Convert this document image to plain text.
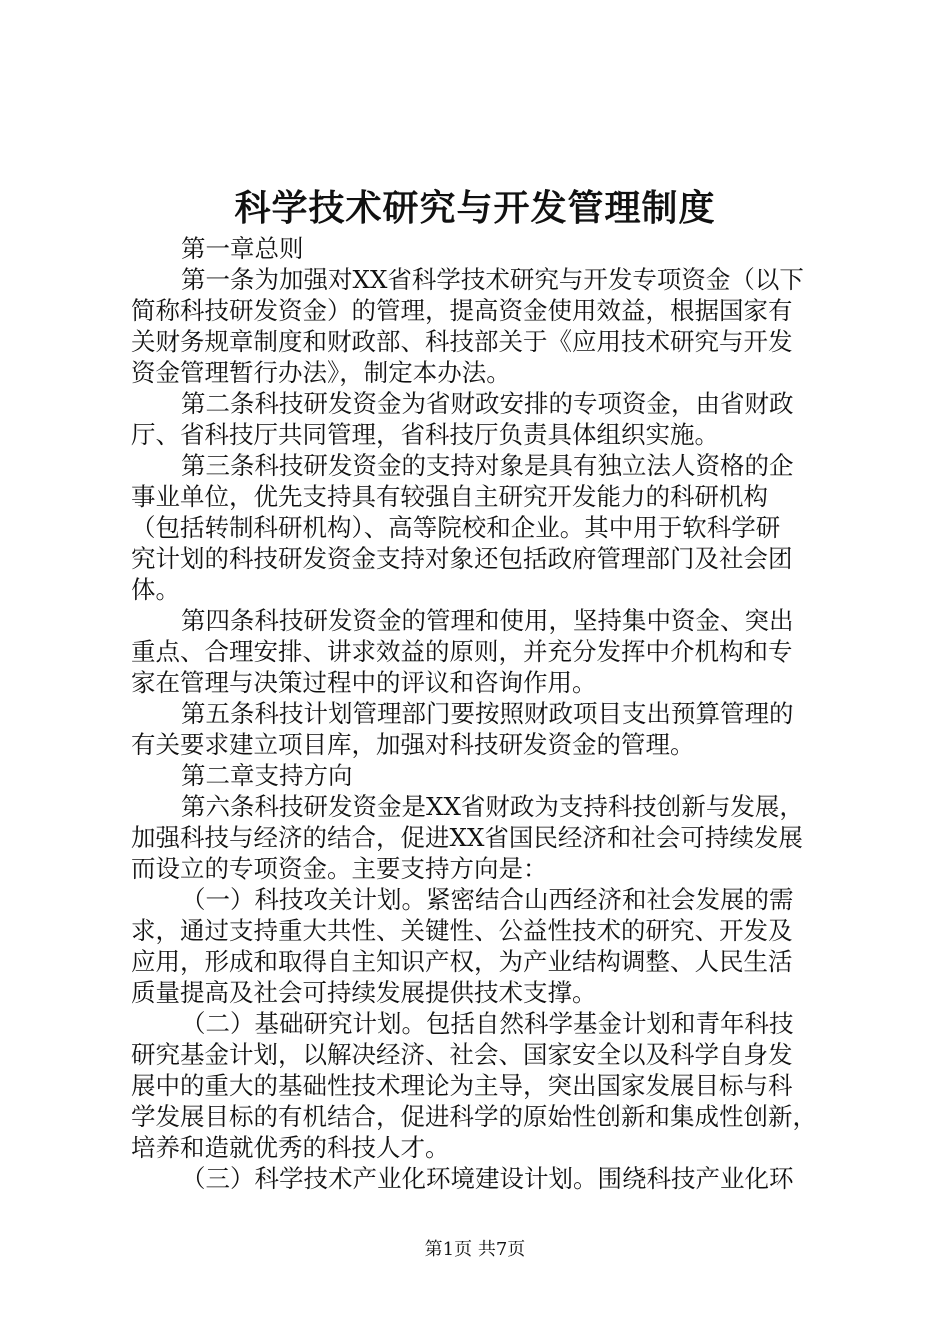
科学技术研究与开发管理制度
第一章总则
第一条为加强对XX省科学技术研究与开发专项资金（以下
简称科技研发资金）的管理，提高资金使用效益，根据国家有
关财务规章制度和财政部、科技部关于《应用技术研究与开发
资金管理暂行办法》，制定本办法。
第二条科技研发资金为省财政安排的专项资金，由省财政
厅、省科技厅共同管理，省科技厅负责具体组织实施。
第三条科技研发资金的支持对象是具有独立法人资格的企
事业单位，优先支持具有较强自主研究开发能力的科研机构
（包括转制科研机构）、高等院校和企业。其中用于软科学研
究计划的科技研发资金支持对象还包括政府管理部门及社会团
体。
第四条科技研发资金的管理和使用，坚持集中资金、突出
重点、合理安排、讲求效益的原则，并充分发挥中介机构和专
家在管理与决策过程中的评议和咨询作用。
第五条科技计划管理部门要按照财政项目支出预算管理的
有关要求建立项目库，加强对科技研发资金的管理。
第二章支持方向
第六条科技研发资金是XX省财政为支持科技创新与发展，
加强科技与经济的结合，促进XX省国民经济和社会可持续发展
而设立的专项资金。主要支持方向是：
（一）科技攻关计划。紧密结合山西经济和社会发展的需
求，通过支持重大共性、关键性、公益性技术的研究、开发及
应用，形成和取得自主知识产权，为产业结构调整、人民生活
质量提高及社会可持续发展提供技术支撑。
（二）基础研究计划。包括自然科学基金计划和青年科技
研究基金计划，以解决经济、社会、国家安全以及科学自身发
展中的重大的基础性技术理论为主导，突出国家发展目标与科
学发展目标的有机结合，促进科学的原始性创新和集成性创新，
培养和造就优秀的科技人才。
（三）科学技术产业化环境建设计划。围绕科技产业化环
第1页 共7页
